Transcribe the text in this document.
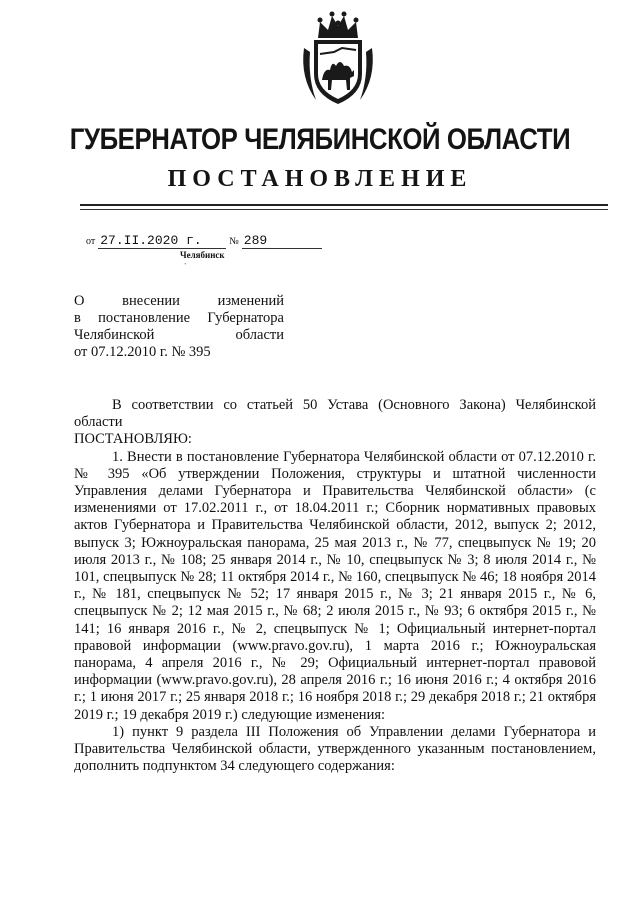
ГУБЕРНАТОР ЧЕЛЯБИНСКОЙ ОБЛАСТИ
ПОСТАНОВЛЕНИЕ
от 27.II.2020 г.	№ 289
Челябинск
`
О внесении изменений
в постановление Губернатора
Челябинской области
от 07.12.2010 г. № 395

В соответствии со статьей 50 Устава (Основного Закона) Челябинской области

ПОСТАНОВЛЯЮ:

1. Внести в постановление Губернатора Челябинской области от 07.12.2010 г. № 395 «Об утверждении Положения, структуры и штатной численности Управления делами Губернатора и Правительства Челябинской области» (с изменениями от 17.02.2011 г., от 18.04.2011 г.; Сборник нормативных правовых актов Губернатора и Правительства Челябинской области, 2012, выпуск 2; 2012, выпуск 3; Южноуральская панорама, 25 мая 2013 г., № 77, спецвыпуск № 19; 20 июля 2013 г., № 108; 25 января 2014 г., № 10, спецвыпуск № 3; 8 июля 2014 г., № 101, спецвыпуск № 28; 11 октября 2014 г., № 160, спецвыпуск № 46; 18 ноября 2014 г., № 181, спецвыпуск № 52; 17 января 2015 г., № 3; 21 января 2015 г., № 6, спецвыпуск № 2; 12 мая 2015 г., № 68; 2 июля 2015 г., № 93; 6 октября 2015 г., № 141; 16 января 2016 г., № 2, спецвыпуск № 1; Официальный интернет-портал правовой информации (www.pravo.gov.ru), 1 марта 2016 г.; Южноуральская панорама, 4 апреля 2016 г., № 29; Официальный интернет-портал правовой информации (www.pravo.gov.ru), 28 апреля 2016 г.; 16 июня 2016 г.; 4 октября 2016 г.; 1 июня 2017 г.; 25 января 2018 г.; 16 ноября 2018 г.; 29 декабря 2018 г.; 21 октября 2019 г.; 19 декабря 2019 г.) следующие изменения:

1) пункт 9 раздела III Положения об Управлении делами Губернатора и Правительства Челябинской области, утвержденного указанным постановлением, дополнить подпунктом 34 следующего содержания:
